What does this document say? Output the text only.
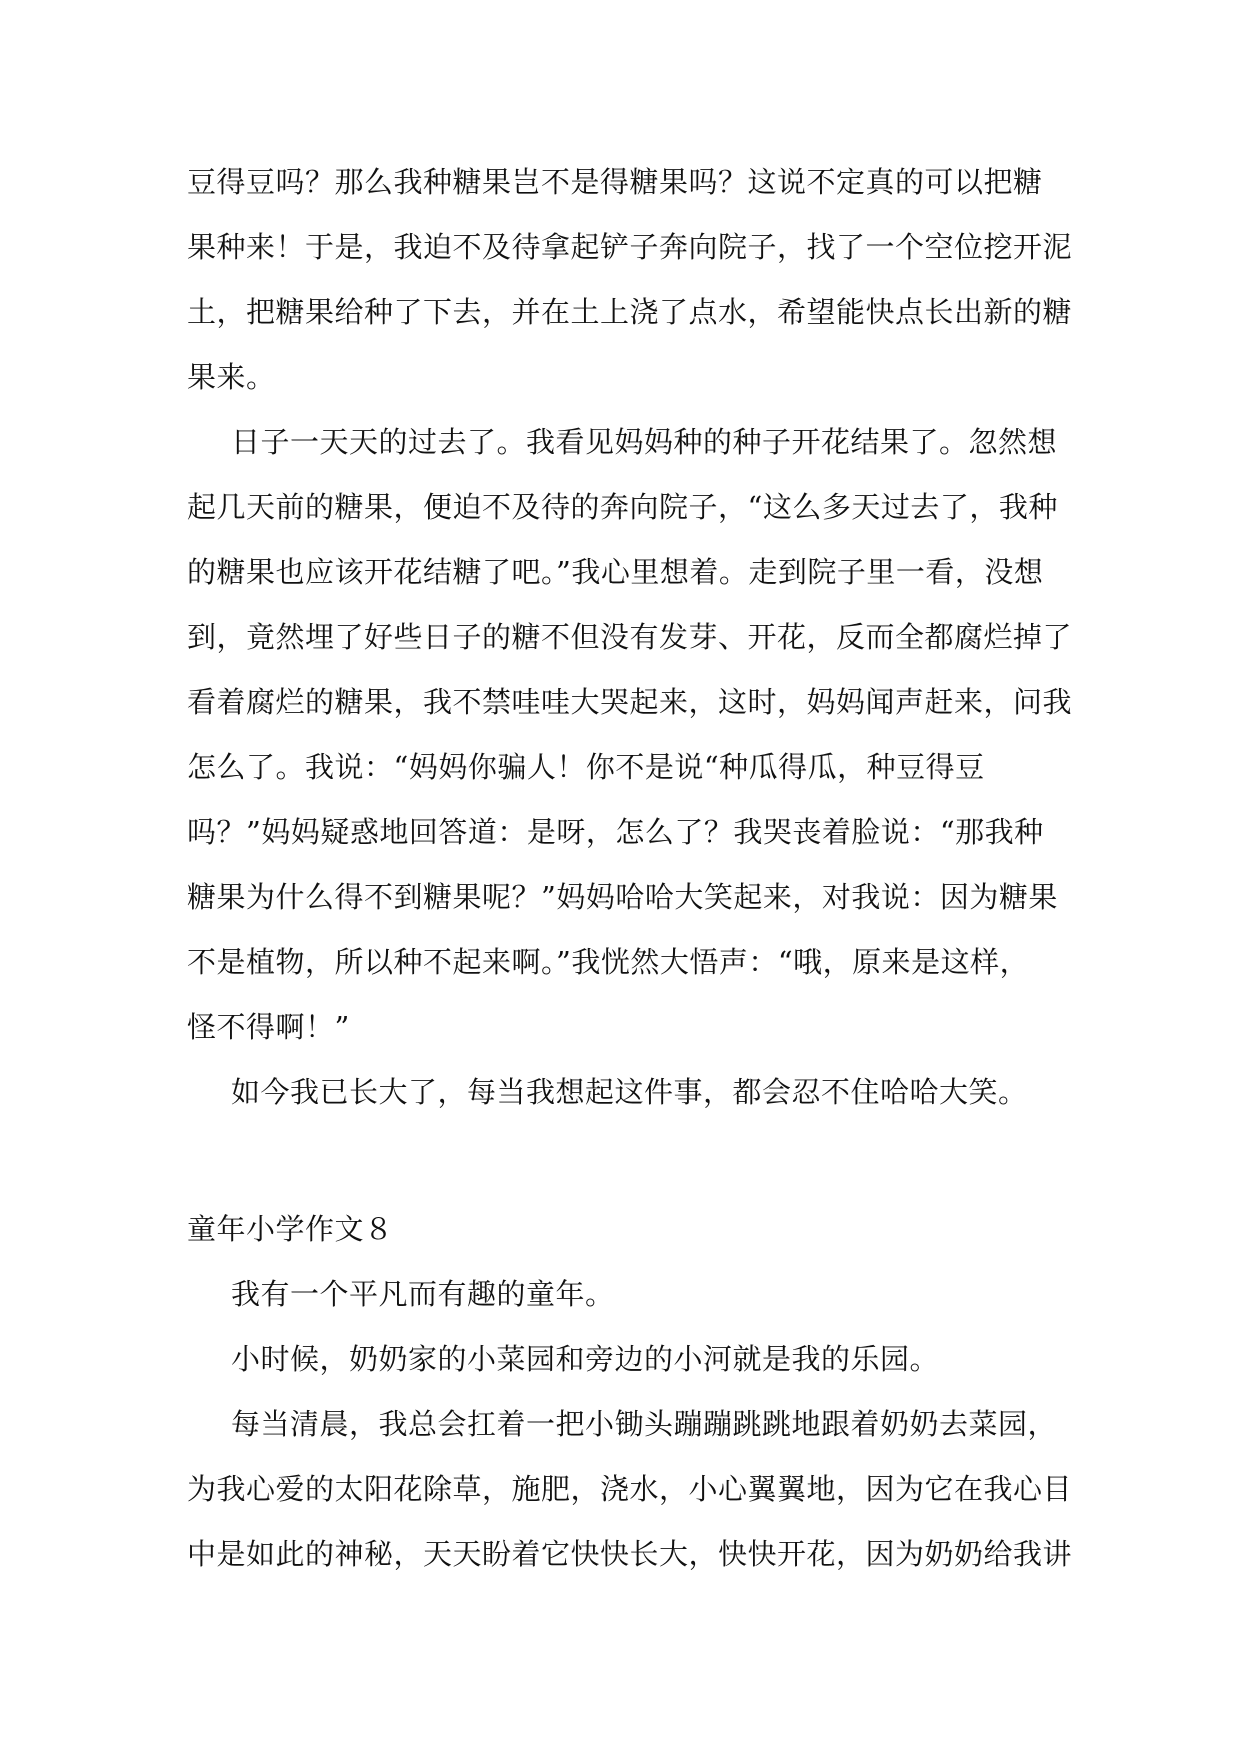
豆得豆吗？那么我种糖果岂不是得糖果吗？这说不定真的可以把糖
果种来！于是，我迫不及待拿起铲子奔向院子，找了一个空位挖开泥
土，把糖果给种了下去，并在土上浇了点水，希望能快点长出新的糖
果来。
日子一天天的过去了。我看见妈妈种的种子开花结果了。忽然想
起几天前的糖果，便迫不及待的奔向院子，“这么多天过去了，我种
的糖果也应该开花结糖了吧。”我心里想着。走到院子里一看，没想
到，竟然埋了好些日子的糖不但没有发芽、开花，反而全都腐烂掉了
看着腐烂的糖果，我不禁哇哇大哭起来，这时，妈妈闻声赶来，问我
怎么了。我说：“妈妈你骗人！你不是说“种瓜得瓜，种豆得豆
吗？”妈妈疑惑地回答道：是呀，怎么了？我哭丧着脸说：“那我种
糖果为什么得不到糖果呢？”妈妈哈哈大笑起来，对我说：因为糖果
不是植物，所以种不起来啊。”我恍然大悟声：“哦，原来是这样，
怪不得啊！”
如今我已长大了，每当我想起这件事，都会忍不住哈哈大笑。
童年小学作文８
我有一个平凡而有趣的童年。
小时候，奶奶家的小菜园和旁边的小河就是我的乐园。
每当清晨，我总会扛着一把小锄头蹦蹦跳跳地跟着奶奶去菜园，
为我心爱的太阳花除草，施肥，浇水，小心翼翼地，因为它在我心目
中是如此的神秘，天天盼着它快快长大，快快开花，因为奶奶给我讲
